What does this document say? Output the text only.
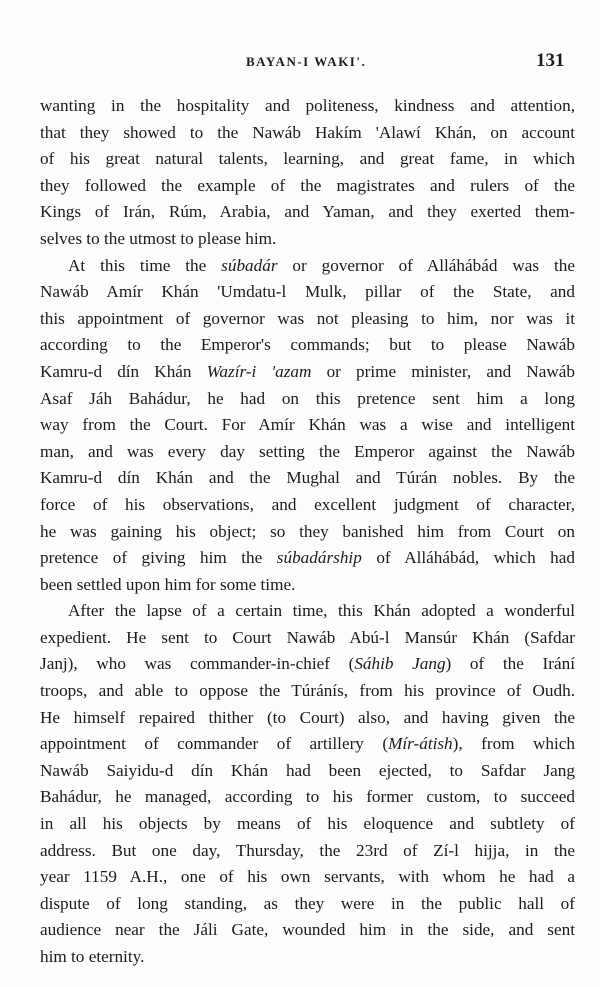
BAYAN-I WAKI'.	131
wanting in the hospitality and politeness, kindness and attention,
that they showed to the Nawáb Hakím 'Alawí Khán, on account
of his great natural talents, learning, and great fame, in which
they followed the example of the magistrates and rulers of the
Kings of Irán, Rúm, Arabia, and Yaman, and they exerted them-
selves to the utmost to please him.
At this time the súbadár or governor of Alláhábád was the
Nawáb Amír Khán 'Umdatu-l Mulk, pillar of the State, and
this appointment of governor was not pleasing to him, nor was it
according to the Emperor's commands; but to please Nawáb
Kamru-d dín Khán Wazír-i 'azam or prime minister, and Nawáb
Asaf Jáh Bahádur, he had on this pretence sent him a long
way from the Court. For Amír Khán was a wise and intelligent
man, and was every day setting the Emperor against the Nawáb
Kamru-d dín Khán and the Mughal and Túrán nobles. By the
force of his observations, and excellent judgment of character,
he was gaining his object; so they banished him from Court on
pretence of giving him the súbadárship of Alláhábád, which had
been settled upon him for some time.
After the lapse of a certain time, this Khán adopted a wonderful
expedient. He sent to Court Nawáb Abú-l Mansúr Khán (Safdar
Janj), who was commander-in-chief (Sáhib Jang) of the Irání
troops, and able to oppose the Túránís, from his province of Oudh.
He himself repaired thither (to Court) also, and having given the
appointment of commander of artillery (Mír-átish), from which
Nawáb Saiyidu-d dín Khán had been ejected, to Safdar Jang
Bahádur, he managed, according to his former custom, to succeed
in all his objects by means of his eloquence and subtlety of
address. But one day, Thursday, the 23rd of Zí-l hijja, in the
year 1159 A.H., one of his own servants, with whom he had a
dispute of long standing, as they were in the public hall of
audience near the Jáli Gate, wounded him in the side, and sent
him to eternity.
